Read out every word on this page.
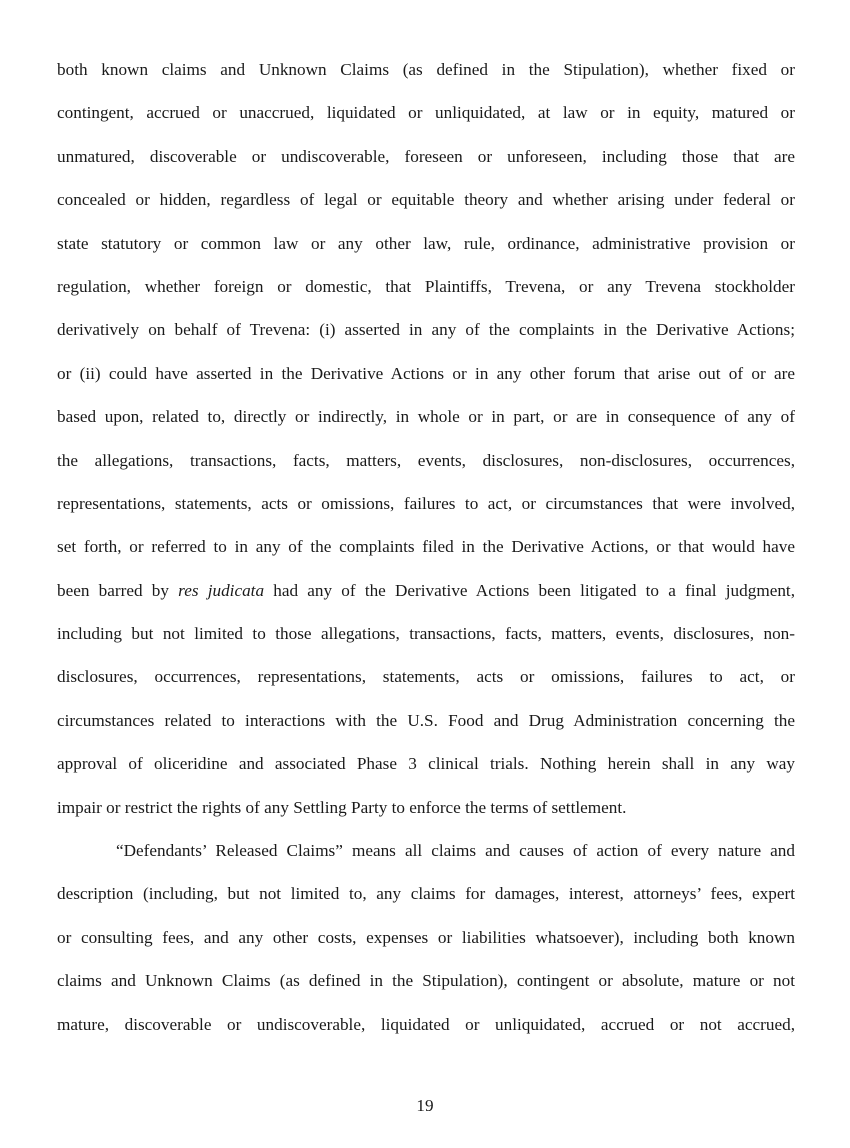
both known claims and Unknown Claims (as defined in the Stipulation), whether fixed or
contingent, accrued or unaccrued, liquidated or unliquidated, at law or in equity, matured or
unmatured, discoverable or undiscoverable, foreseen or unforeseen, including those that are
concealed or hidden, regardless of legal or equitable theory and whether arising under federal or
state statutory or common law or any other law, rule, ordinance, administrative provision or
regulation, whether foreign or domestic, that Plaintiffs, Trevena, or any Trevena stockholder
derivatively on behalf of Trevena: (i) asserted in any of the complaints in the Derivative Actions;
or (ii) could have asserted in the Derivative Actions or in any other forum that arise out of or are
based upon, related to, directly or indirectly, in whole or in part, or are in consequence of any of
the allegations, transactions, facts, matters, events, disclosures, non-disclosures, occurrences,
representations, statements, acts or omissions, failures to act, or circumstances that were involved,
set forth, or referred to in any of the complaints filed in the Derivative Actions, or that would have
been barred by res judicata had any of the Derivative Actions been litigated to a final judgment,
including but not limited to those allegations, transactions, facts, matters, events, disclosures, non-
disclosures, occurrences, representations, statements, acts or omissions, failures to act, or
circumstances related to interactions with the U.S. Food and Drug Administration concerning the
approval of oliceridine and associated Phase 3 clinical trials. Nothing herein shall in any way
impair or restrict the rights of any Settling Party to enforce the terms of settlement.
“Defendants’ Released Claims” means all claims and causes of action of every nature and
description (including, but not limited to, any claims for damages, interest, attorneys’ fees, expert
or consulting fees, and any other costs, expenses or liabilities whatsoever), including both known
claims and Unknown Claims (as defined in the Stipulation), contingent or absolute, mature or not
mature, discoverable or undiscoverable, liquidated or unliquidated, accrued or not accrued,
19
